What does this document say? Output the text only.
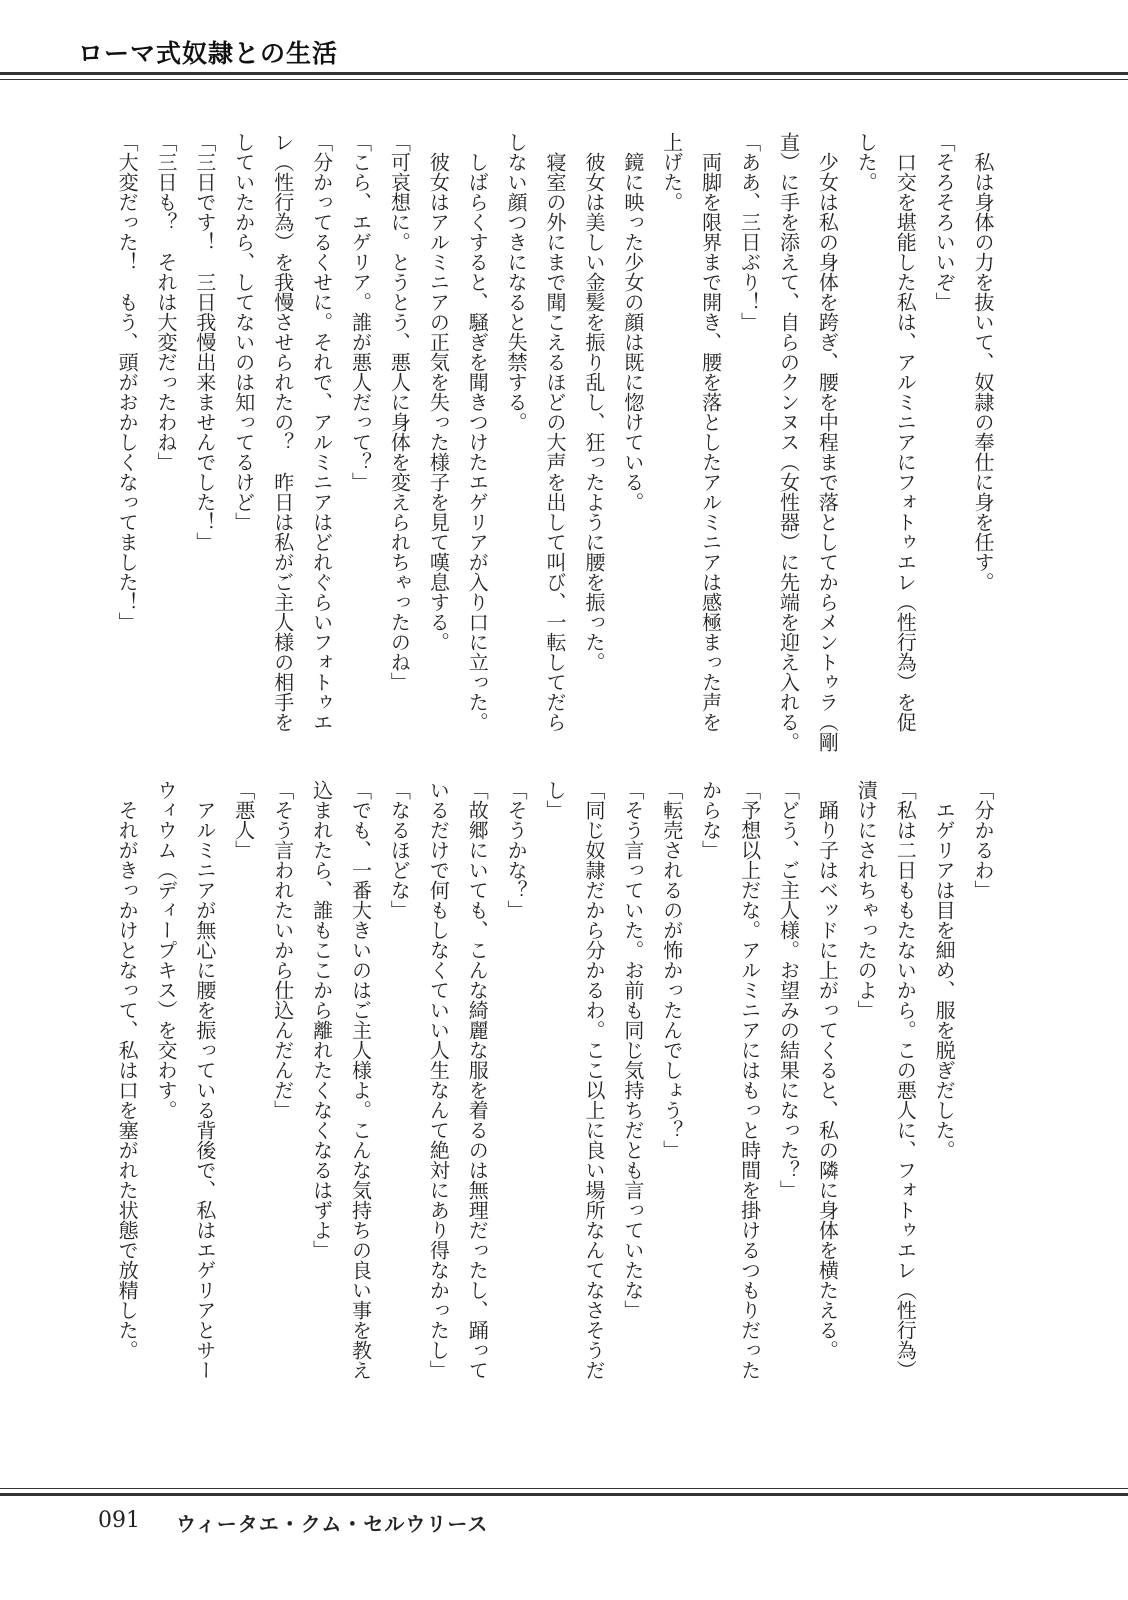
ローマ式奴隷との生活
私は身体の力を抜いて、奴隷の奉仕に身を任す。
「そろそろいいぞ」
口交を堪能した私は、アルミニアにフォトゥエレ（性行為）を促
した。
少女は私の身体を跨ぎ、腰を中程まで落としてからメントゥラ（剛
直）に手を添えて、自らのクンヌス（女性器）に先端を迎え入れる。
「ああ、三日ぶり！」
両脚を限界まで開き、腰を落としたアルミニアは感極まった声を
上げた。
鏡に映った少女の顔は既に惚けている。
彼女は美しい金髪を振り乱し、狂ったように腰を振った。
寝室の外にまで聞こえるほどの大声を出して叫び、一転してだら
しない顔つきになると失禁する。
しばらくすると、騒ぎを聞きつけたエゲリアが入り口に立った。
彼女はアルミニアの正気を失った様子を見て嘆息する。
「可哀想に。とうとう、悪人に身体を変えられちゃったのね」
「こら、エゲリア。誰が悪人だって？」
「分かってるくせに。それで、アルミニアはどれぐらいフォトゥエ
レ（性行為）を我慢させられたの？　昨日は私がご主人様の相手を
していたから、してないのは知ってるけど」
「三日です！　三日我慢出来ませんでした！」
「三日も？　それは大変だったわね」
「大変だった！　もう、頭がおかしくなってました！」
「分かるわ」
エゲリアは目を細め、服を脱ぎだした。
「私は二日ももたないから。この悪人に、フォトゥエレ（性行為）
漬けにされちゃったのよ」
踊り子はベッドに上がってくると、私の隣に身体を横たえる。
「どう、ご主人様。お望みの結果になった？」
「予想以上だな。アルミニアにはもっと時間を掛けるつもりだった
からな」
「転売されるのが怖かったんでしょう？」
「そう言っていた。お前も同じ気持ちだとも言っていたな」
「同じ奴隷だから分かるわ。ここ以上に良い場所なんてなさそうだ
し」
「そうかな？」
「故郷にいても、こんな綺麗な服を着るのは無理だったし、踊って
いるだけで何もしなくていい人生なんて絶対にあり得なかったし」
「なるほどな」
「でも、一番大きいのはご主人様よ。こんな気持ちの良い事を教え
込まれたら、誰もここから離れたくなくなるはずよ」
「そう言われたいから仕込んだんだ」
「悪人」
アルミニアが無心に腰を振っている背後で、私はエゲリアとサー
ウィウム（ディープキス）を交わす。
それがきっかけとなって、私は口を塞がれた状態で放精した。
091 ウィータエ・クム・セルウリース
